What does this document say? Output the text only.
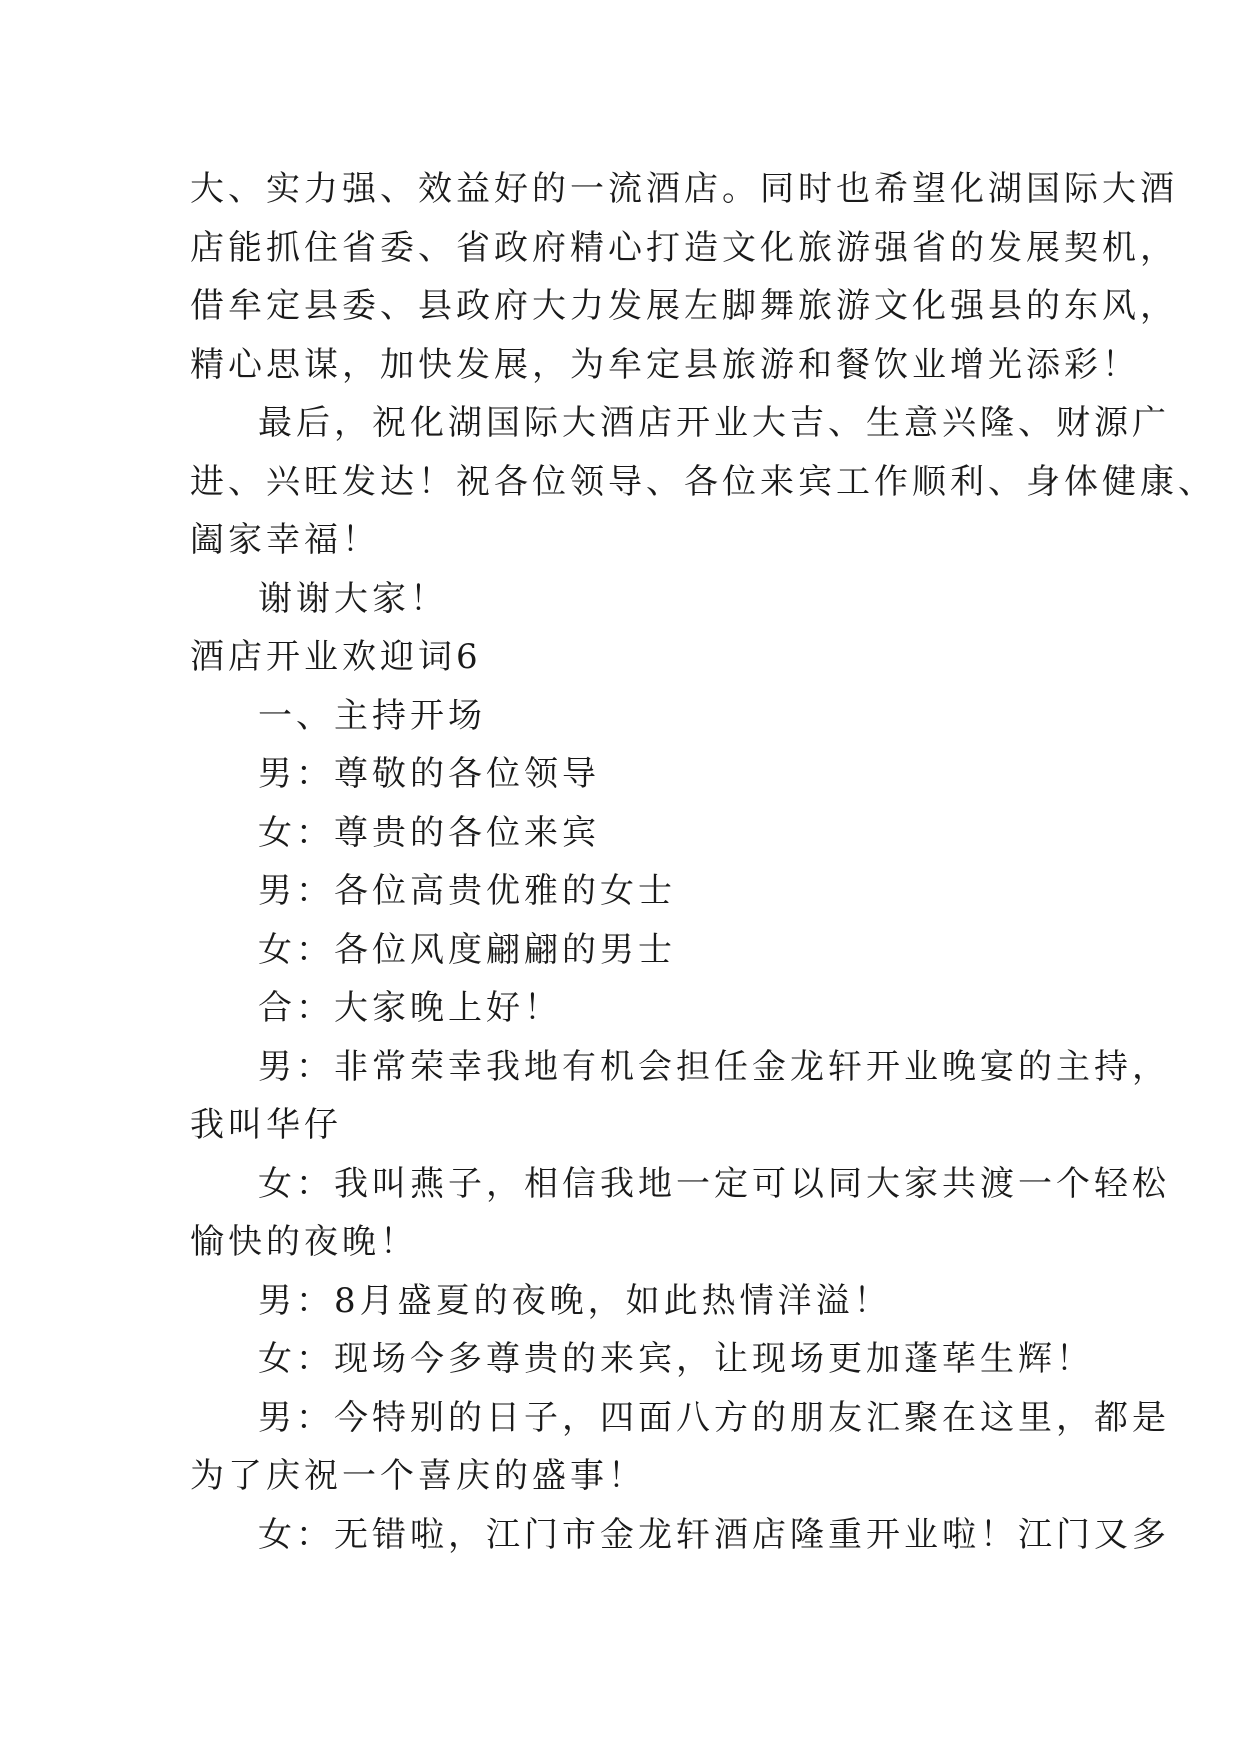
大、实力强、效益好的一流酒店。同时也希望化湖国际大酒
店能抓住省委、省政府精心打造文化旅游强省的发展契机，
借牟定县委、县政府大力发展左脚舞旅游文化强县的东风，
精心思谋，加快发展，为牟定县旅游和餐饮业增光添彩！
最后，祝化湖国际大酒店开业大吉、生意兴隆、财源广
进、兴旺发达！祝各位领导、各位来宾工作顺利、身体健康、
阖家幸福！
谢谢大家！
酒店开业欢迎词6
一、主持开场
男：尊敬的各位领导
女：尊贵的各位来宾
男：各位高贵优雅的女士
女：各位风度翩翩的男士
合：大家晚上好！
男：非常荣幸我地有机会担任金龙轩开业晚宴的主持，
我叫华仔
女：我叫燕子，相信我地一定可以同大家共渡一个轻松
愉快的夜晚！
男：8月盛夏的夜晚，如此热情洋溢！
女：现场今多尊贵的来宾，让现场更加蓬荜生辉！
男：今特别的日子，四面八方的朋友汇聚在这里，都是
为了庆祝一个喜庆的盛事！
女：无错啦，江门市金龙轩酒店隆重开业啦！江门又多
